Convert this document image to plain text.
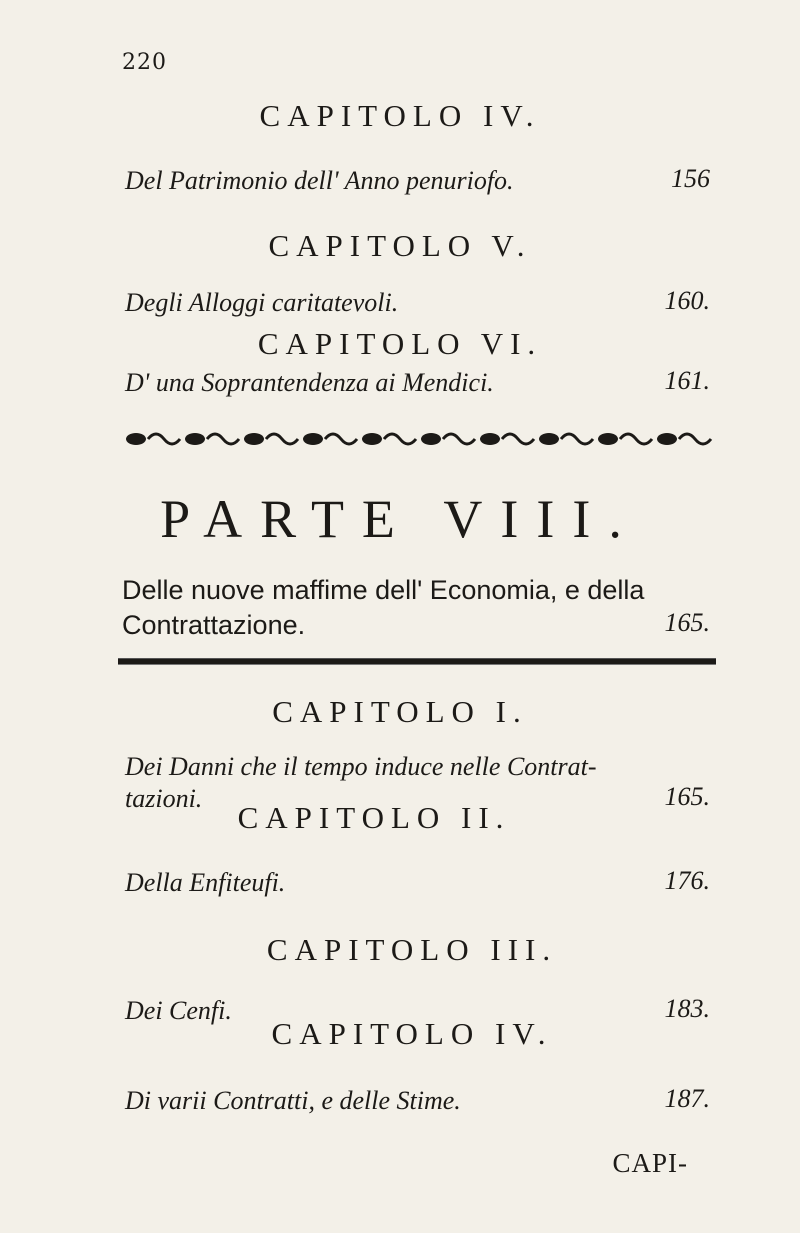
220
CAPITOLO IV.
Del Patrimonio dell' Anno penuriofo.	156
CAPITOLO V.
Degli Alloggi caritatevoli.	160.
CAPITOLO VI.
D' una Soprantendenza ai Mendici.	161.
PARTE VIII.
Delle nuove maffime dell' Economia, e della
Contrattazione.	165.
CAPITOLO I.
Dei Danni che il tempo induce nelle Contrat-
tazioni.	165.
CAPITOLO II.
Della Enfiteufi.	176.
CAPITOLO III.
Dei Cenfi.	183.
CAPITOLO IV.
Di varii Contratti, e delle Stime.	187.
CAPI-
